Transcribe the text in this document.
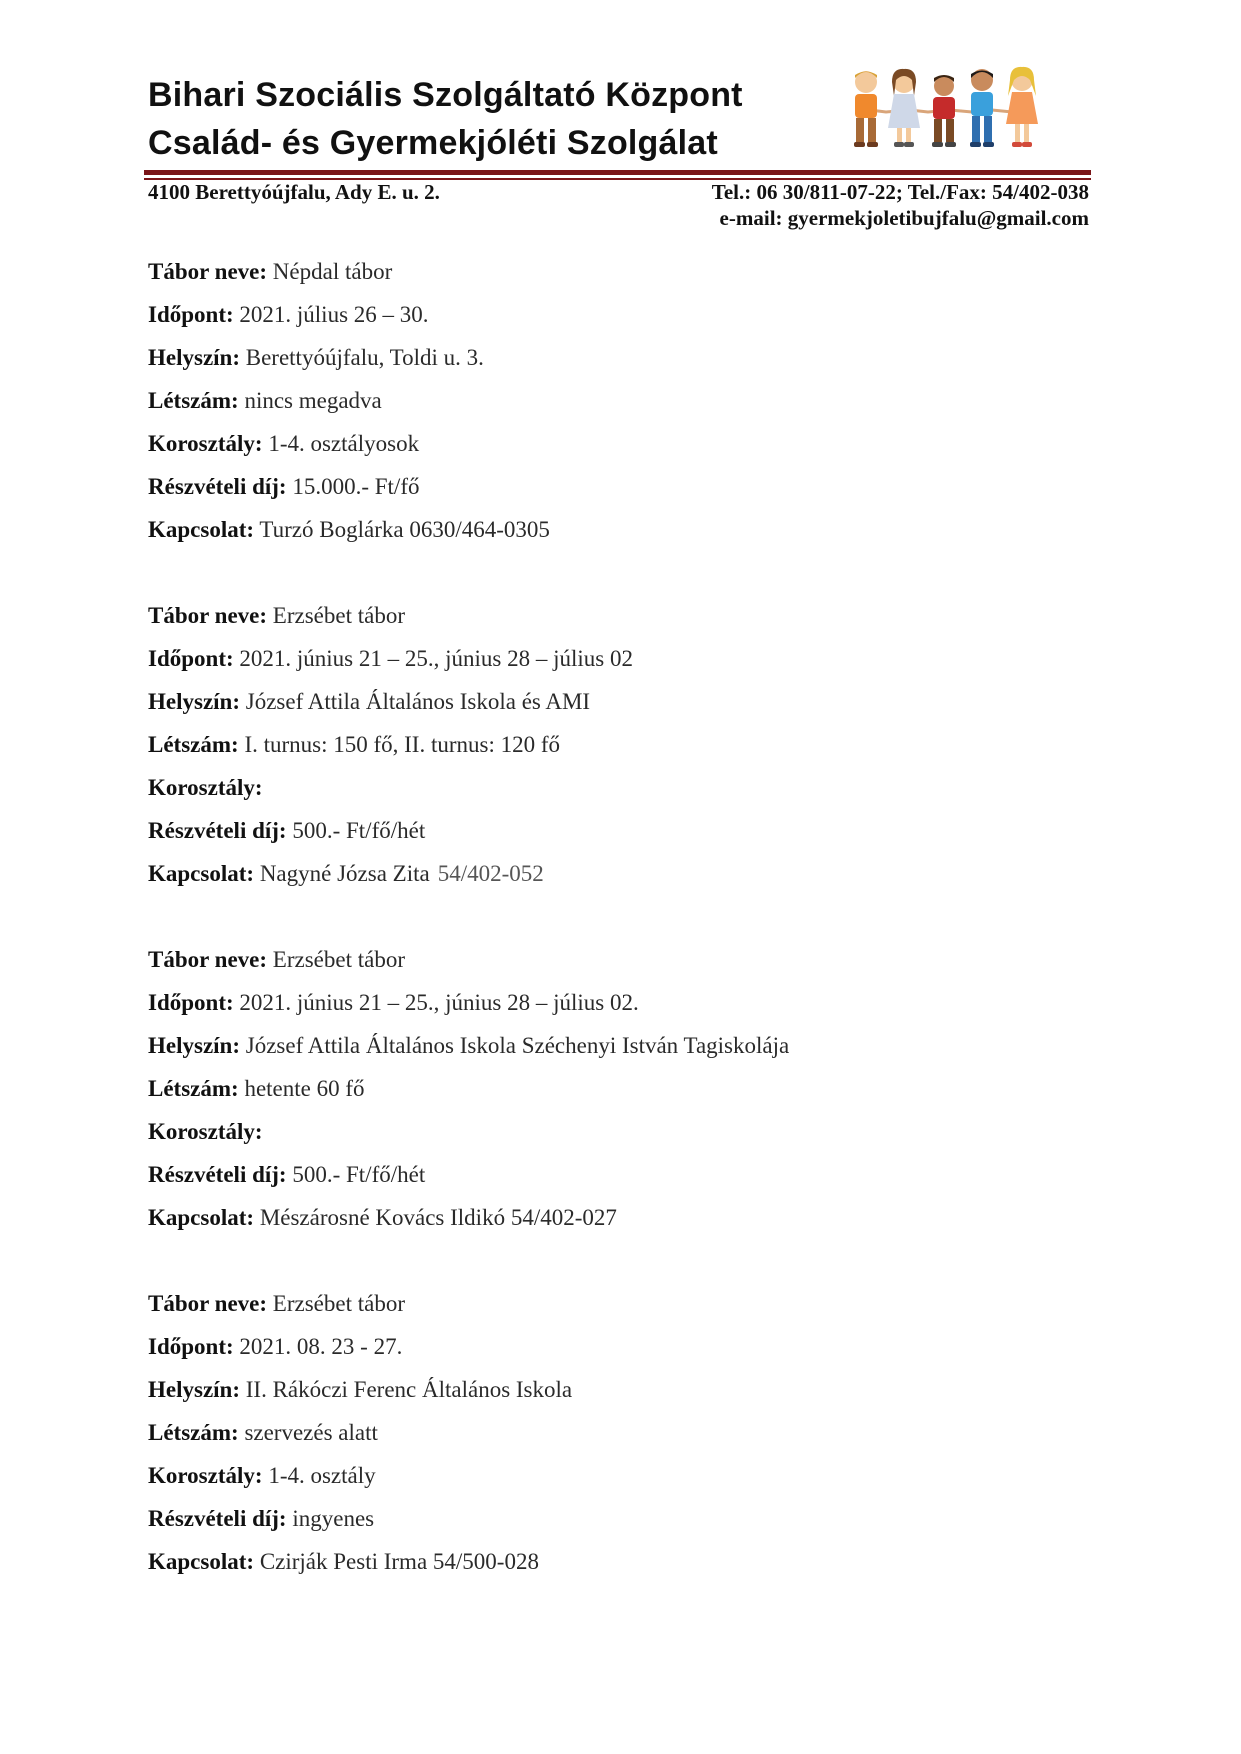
Bihari Szociális Szolgáltató Központ
Család- és Gyermekjóléti Szolgálat
4100 Berettyóújfalu, Ady E. u. 2.	Tel.: 06 30/811-07-22; Tel./Fax: 54/402-038
e-mail: gyermekjoletibujfalu@gmail.com
Tábor neve: Népdal tábor
Időpont: 2021. július 26 – 30.
Helyszín: Berettyóújfalu, Toldi u. 3.
Létszám: nincs megadva
Korosztály: 1-4. osztályosok
Részvételi díj: 15.000.- Ft/fő
Kapcsolat: Turzó Boglárka 0630/464-0305
Tábor neve: Erzsébet tábor
Időpont: 2021. június 21 – 25., június 28 – július 02
Helyszín: József Attila Általános Iskola és AMI
Létszám: I. turnus: 150 fő, II. turnus: 120 fő
Korosztály:
Részvételi díj: 500.- Ft/fő/hét
Kapcsolat: Nagyné Józsa Zita 54/402-052
Tábor neve: Erzsébet tábor
Időpont: 2021. június 21 – 25., június 28 – július 02.
Helyszín: József Attila Általános Iskola Széchenyi István Tagiskolája
Létszám: hetente 60 fő
Korosztály:
Részvételi díj: 500.- Ft/fő/hét
Kapcsolat: Mészárosné Kovács Ildikó 54/402-027
Tábor neve: Erzsébet tábor
Időpont: 2021. 08. 23 - 27.
Helyszín: II. Rákóczi Ferenc Általános Iskola
Létszám: szervezés alatt
Korosztály: 1-4. osztály
Részvételi díj: ingyenes
Kapcsolat: Czirják Pesti Irma 54/500-028
